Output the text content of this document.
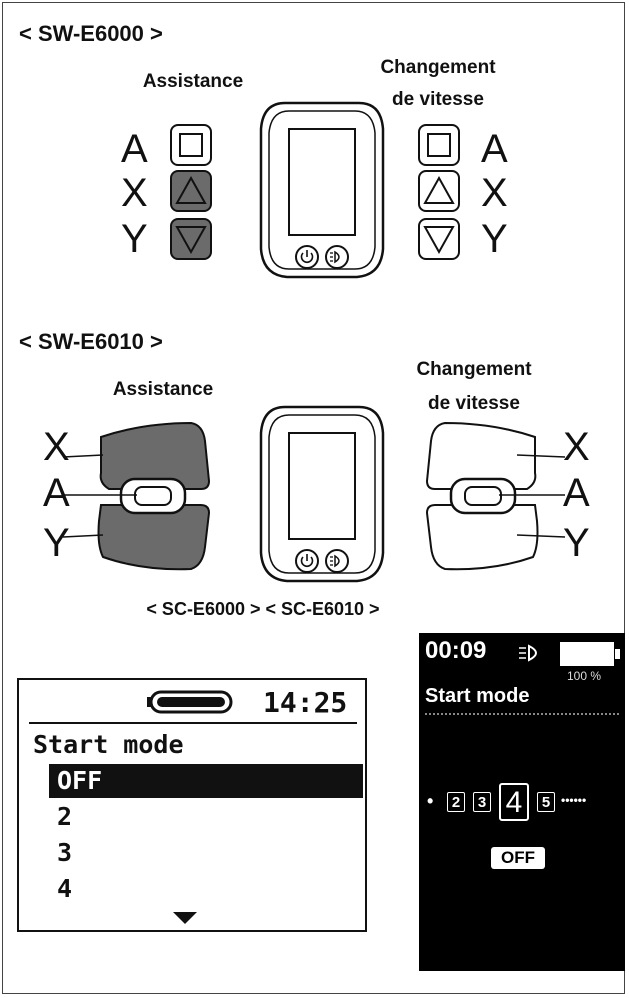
< SW-E6000 >
Assistance
Changement
de vitesse
A
X
Y
A
X
Y
< SW-E6010 >
Assistance
Changement
de vitesse
X
A
Y
X
A
Y
< SC-E6000 > < SC-E6010 >
14:25
Start mode
OFF
2
3
4
00:09
100 %
Start mode
•	2	3 4	5 ••••••
OFF
